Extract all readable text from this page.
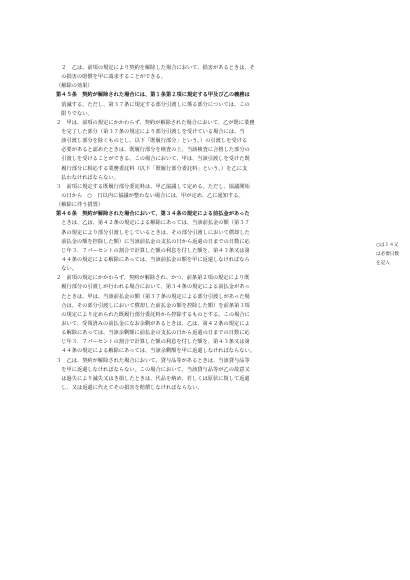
　２　乙は、前項の規定により契約を解除した場合において、損害があるときは、そ
　の損害の賠償を甲に請求することができる。
（解除の効果）
第４５条　契約が解除された場合には、第１条第２項に規定する甲及び乙の義務は
　消滅する。ただし、第３７条に規定する部分引渡しに係る部分については、この
　限りでない。
２　甲は、前項の規定にかかわらず、契約が解除された場合において、乙が既に業務
　を完了した部分（第３７条の規定により部分引渡しを受けている場合には、当
　該引渡し部分を除くものとし、以下「既履行部分」という。）の引渡しを受ける
　必要があると認めたときは、既履行部分を検査の上、当該検査に合格した部分の
　引渡しを受けることができる。この場合において、甲は、当該引渡しを受けた既
　履行部分に相応する業務委託料（以下「既履行部分委託料」という。）を乙に支
　払わなければならない。
３　前項に規定する既履行部分委託料は、甲乙協議して定める。ただし、協議開始
　の日から　○　日以内に協議が整わない場合には、甲が定め、乙に通知する。
（解除に伴う措置）
第４６条　契約が解除された場合において、第３４条の規定による前払金があった
　ときは、乙は、第４２条の規定による解除にあっては、当該前払金の額（第３７
　条の規定により部分引渡しをしているときは、その部分引渡しにおいて償却した
　前払金の額を控除した額）に当該前払金の支払の日から返還の日までの日数に応
　じ年３．７パーセントの割合で計算した額の利息を付した額を、第４３条又は第
　４４条の規定による解除にあっては、当該前払金の額を甲に返還しなければなら
　ない。
２　前項の規定にかかわらず、契約が解除され、かつ、前条第２項の規定により既
　履行部分の引渡しが行われる場合において、第３４条の規定による前払金があっ
　たときは、甲は、当該前払金の額（第３７条の規定による部分引渡しがあった場
　合は、その部分引渡しにおいて償却した前払金の額を控除した額）を前条第３項
　の規定により定められた既履行部分委託料から控除するものとする。この場合に
　おいて、受領済みの前払金になお余剰があるときは、乙は、第４２条の規定によ
　る解除にあっては、当該余剰額に前払金の支払の日から返還の日までの日数に応
　じ年３．７パーセントの割合で計算した額の利息を付した額を、第４３条又は第
　４４条の規定による解除にあっては、当該余剰額を甲に返還しなければならない。
３　乙は、契約が解除された場合において、貸与品等があるときは、当該貸与品等
　を甲に返還しなければならない。この場合において、当該貸与品等が乙の故意又
　は過失により滅失又はき損したときは、代品を納め、若しくは原状に復して返還
　し、又は返還に代えてその損害を賠償しなければならない。
○は１４又
は必要日数
を記入
